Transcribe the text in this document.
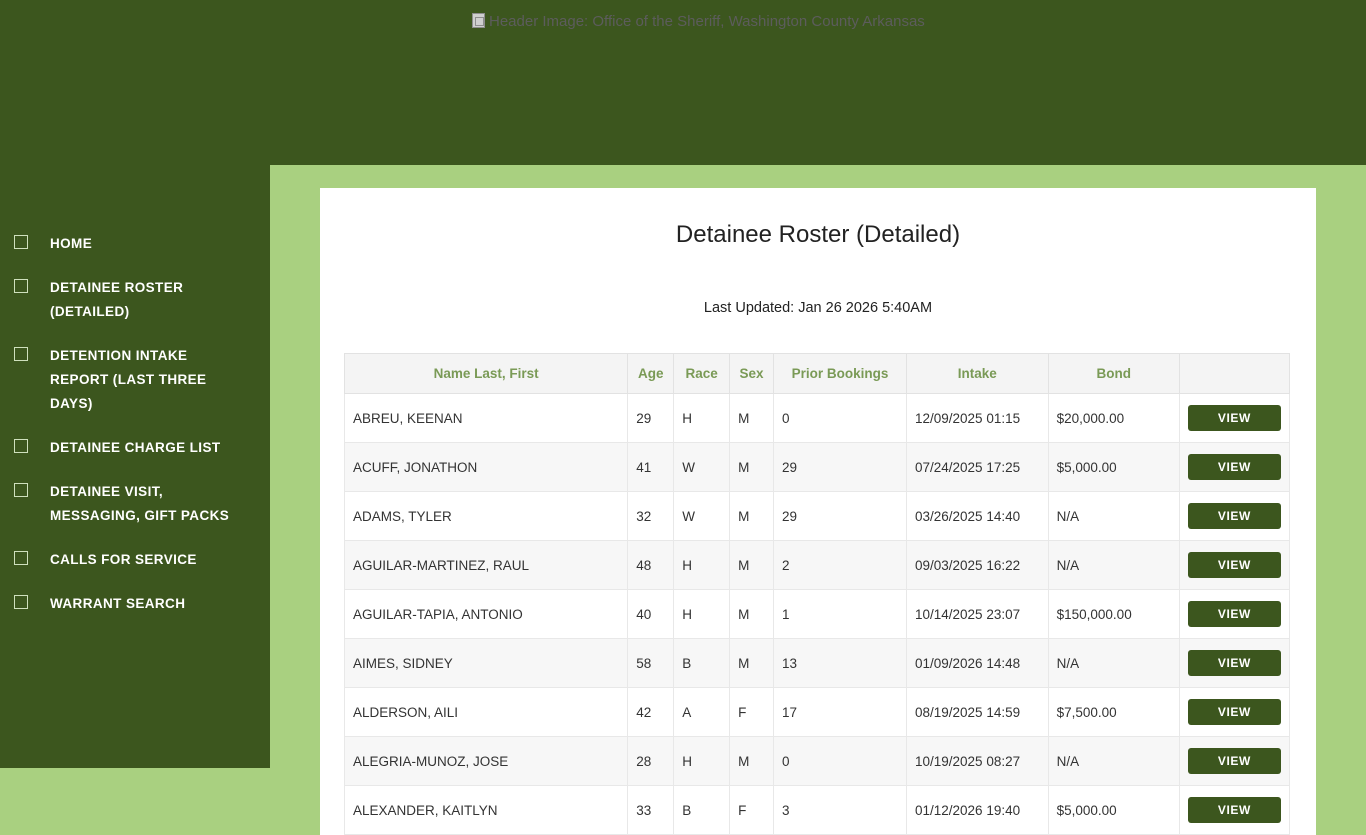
Header Image: Office of the Sheriff, Washington County Arkansas
HOME
DETAINEE ROSTER (DETAILED)
DETENTION INTAKE REPORT (LAST THREE DAYS)
DETAINEE CHARGE LIST
DETAINEE VISIT, MESSAGING, GIFT PACKS
CALLS FOR SERVICE
WARRANT SEARCH
Detainee Roster (Detailed)
Last Updated: Jan 26 2026 5:40AM
Name Last, First	Age	Race	Sex	Prior Bookings	Intake	Bond	
ABREU, KEENAN	29	H	M	0	12/09/2025 01:15	$20,000.00	VIEW
ACUFF, JONATHON	41	W	M	29	07/24/2025 17:25	$5,000.00	VIEW
ADAMS, TYLER	32	W	M	29	03/26/2025 14:40	N/A	VIEW
AGUILAR-MARTINEZ, RAUL	48	H	M	2	09/03/2025 16:22	N/A	VIEW
AGUILAR-TAPIA, ANTONIO	40	H	M	1	10/14/2025 23:07	$150,000.00	VIEW
AIMES, SIDNEY	58	B	M	13	01/09/2026 14:48	N/A	VIEW
ALDERSON, AILI	42	A	F	17	08/19/2025 14:59	$7,500.00	VIEW
ALEGRIA-MUNOZ, JOSE	28	H	M	0	10/19/2025 08:27	N/A	VIEW
ALEXANDER, KAITLYN	33	B	F	3	01/12/2026 19:40	$5,000.00	VIEW
